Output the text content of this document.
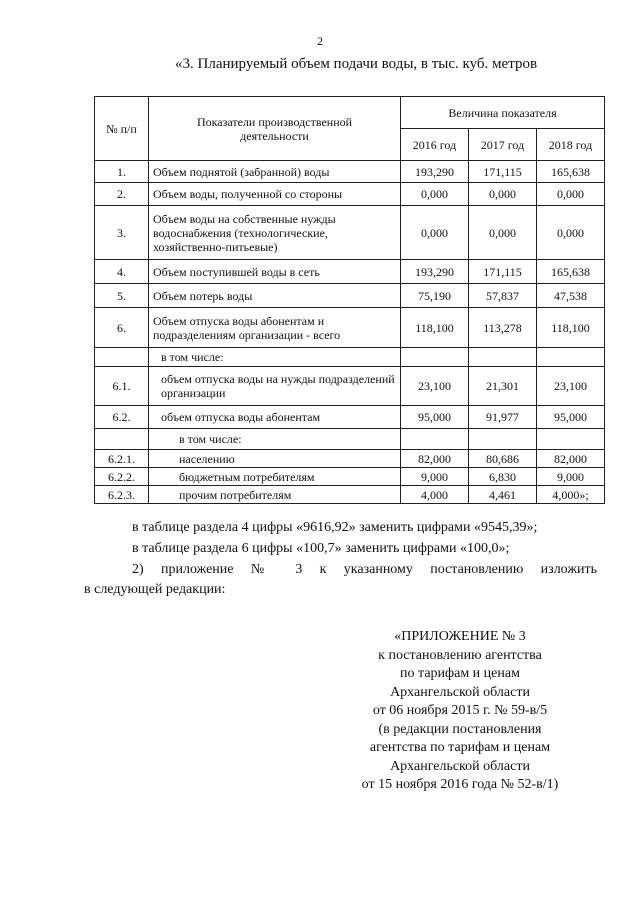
2
«3. Планируемый объем подачи воды, в тыс. куб. метров
№ п/п	Показатели производственной деятельности	Величина показателя		
		2016 год	2017 год	2018 год
1.	Объем поднятой (забранной) воды	193,290	171,115	165,638
2.	Объем воды, полученной со стороны	0,000	0,000	0,000
3.	Объем воды на собственные нужды водоснабжения (технологические, хозяйственно-питьевые)	0,000	0,000	0,000
4.	Объем поступившей воды в сеть	193,290	171,115	165,638
5.	Объем потерь воды	75,190	57,837	47,538
6.	Объем отпуска воды абонентам и подразделениям организации - всего	118,100	113,278	118,100
	в том числе:			
6.1.	объем отпуска воды на нужды подразделений организации	23,100	21,301	23,100
6.2.	объем отпуска воды абонентам	95,000	91,977	95,000
	в том числе:			
6.2.1.	населению	82,000	80,686	82,000
6.2.2.	бюджетным потребителям	9,000	6,830	9,000
6.2.3.	прочим потребителям	4,000	4,461	4,000»;
в таблице раздела 4 цифры «9616,92» заменить цифрами «9545,39»;
в таблице раздела 6 цифры «100,7» заменить цифрами «100,0»;
2) приложение № 3 к указанному постановлению изложить
в следующей редакции:
«ПРИЛОЖЕНИЕ № 3
к постановлению агентства
по тарифам и ценам
Архангельской области
от 06 ноября 2015 г. № 59-в/5
(в редакции постановления
агентства по тарифам и ценам
Архангельской области
от 15 ноября 2016 года № 52-в/1)
